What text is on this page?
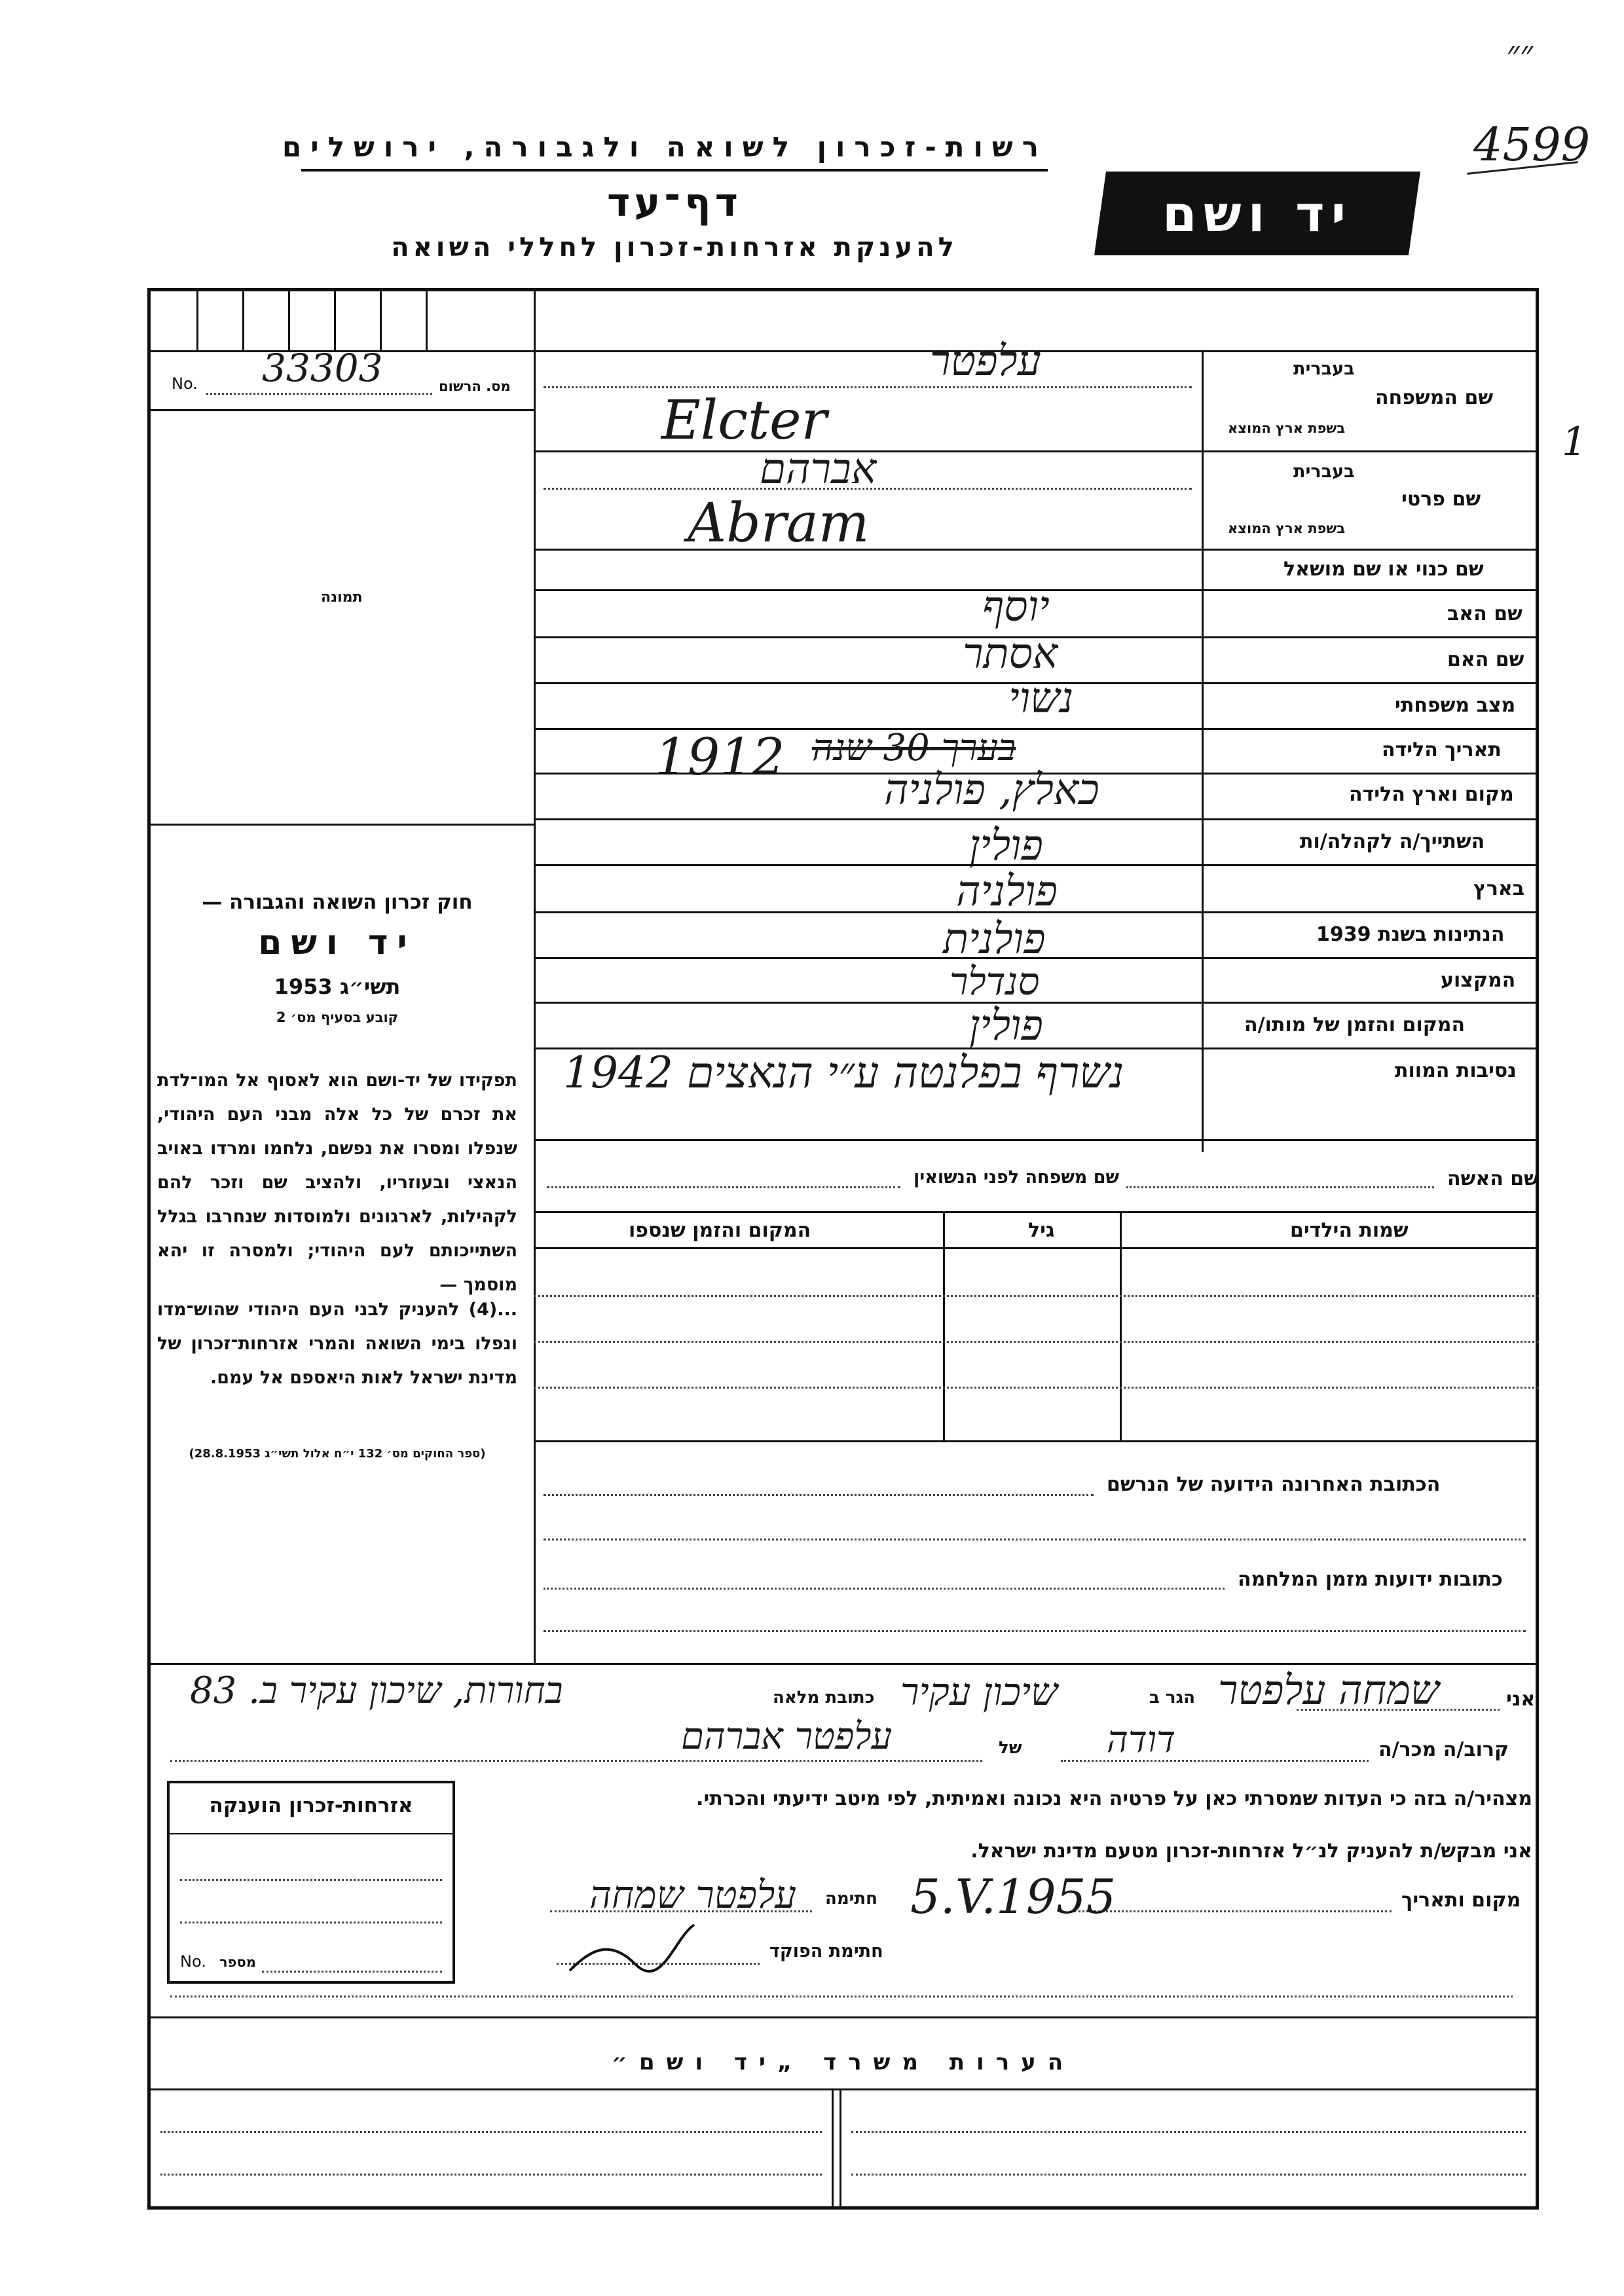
״״
רשות-זכרון לשואה ולגבורה, ירושלים
דף־עד
להענקת אזרחות-זכרון לחללי השואה
יד ושם
4599
1
No.	מס. הרשום
33303
תמונה
בעברית
שם המשפחה
בשפת ארץ המוצא
עלפטר
Elcter
בעברית
שם פרטי
בשפת ארץ המוצא
אברהם
Abram
שם כנוי או שם מושאל
שם האב
יוסף
שם האם
אסתר
מצב משפחתי
נשוי
תאריך הלידה
1912 בערך 30 שנה
מקום וארץ הלידה
כאלץ, פולניה
השתייך/ה לקהלה/ות
פולין
בארץ
פולניה
הנתינות בשנת 1939
פולנית
המקצוע
סנדלר
המקום והזמן של מותו/ה
פולין
נסיבות המוות
נשרף בפלנטה ע״י הנאצים 1942
חוק זכרון השואה והגבורה —
יד ושם
תשי״ג 1953
קובע בסעיף מס׳ 2
תפקידו של יד-ושם הוא לאסוף אל המו־לדת את זכרם של כל אלה מבני העם היהודי, שנפלו ומסרו את נפשם, נלחמו ומרדו באויב הנאצי ובעוזריו, ולהציב שם וזכר להם לקהילות, לארגונים ולמוסדות שנחרבו בגלל השתייכותם לעם היהודי; ולמסרה זו יהא מוסמך —
...(4) להעניק לבני העם היהודי שהוש־מדו ונפלו בימי השואה והמרי אזרחות־זכרון של מדינת ישראל לאות היאספם אל עמם.
(ספר החוקים מס׳ 132 י״ח אלול תשי״ג 28.8.1953)
שם האשה
שם משפחה לפני הנשואין
שמות הילדים
גיל
המקום והזמן שנספו
הכתובת האחרונה הידועה של הנרשם
כתובות ידועות מזמן המלחמה
אני
שמחה עלפטר
הגר ב
שיכון עקיר
כתובת מלאה
בחורות, שיכון עקיר ב. 83
קרוב/ה מכר/ה
דודה
של
עלפטר אברהם
מצהיר/ה בזה כי העדות שמסרתי כאן על פרטיה היא נכונה ואמיתית, לפי מיטב ידיעתי והכרתי.
אני מבקש/ת להעניק לנ״ל אזרחות-זכרון מטעם מדינת ישראל.
מקום ותאריך
5.V.1955
חתימה
עלפטר שמחה
חתימת הפוקד
אזרחות-זכרון הוענקה
No. מספר
הערות משרד „יד ושם״
